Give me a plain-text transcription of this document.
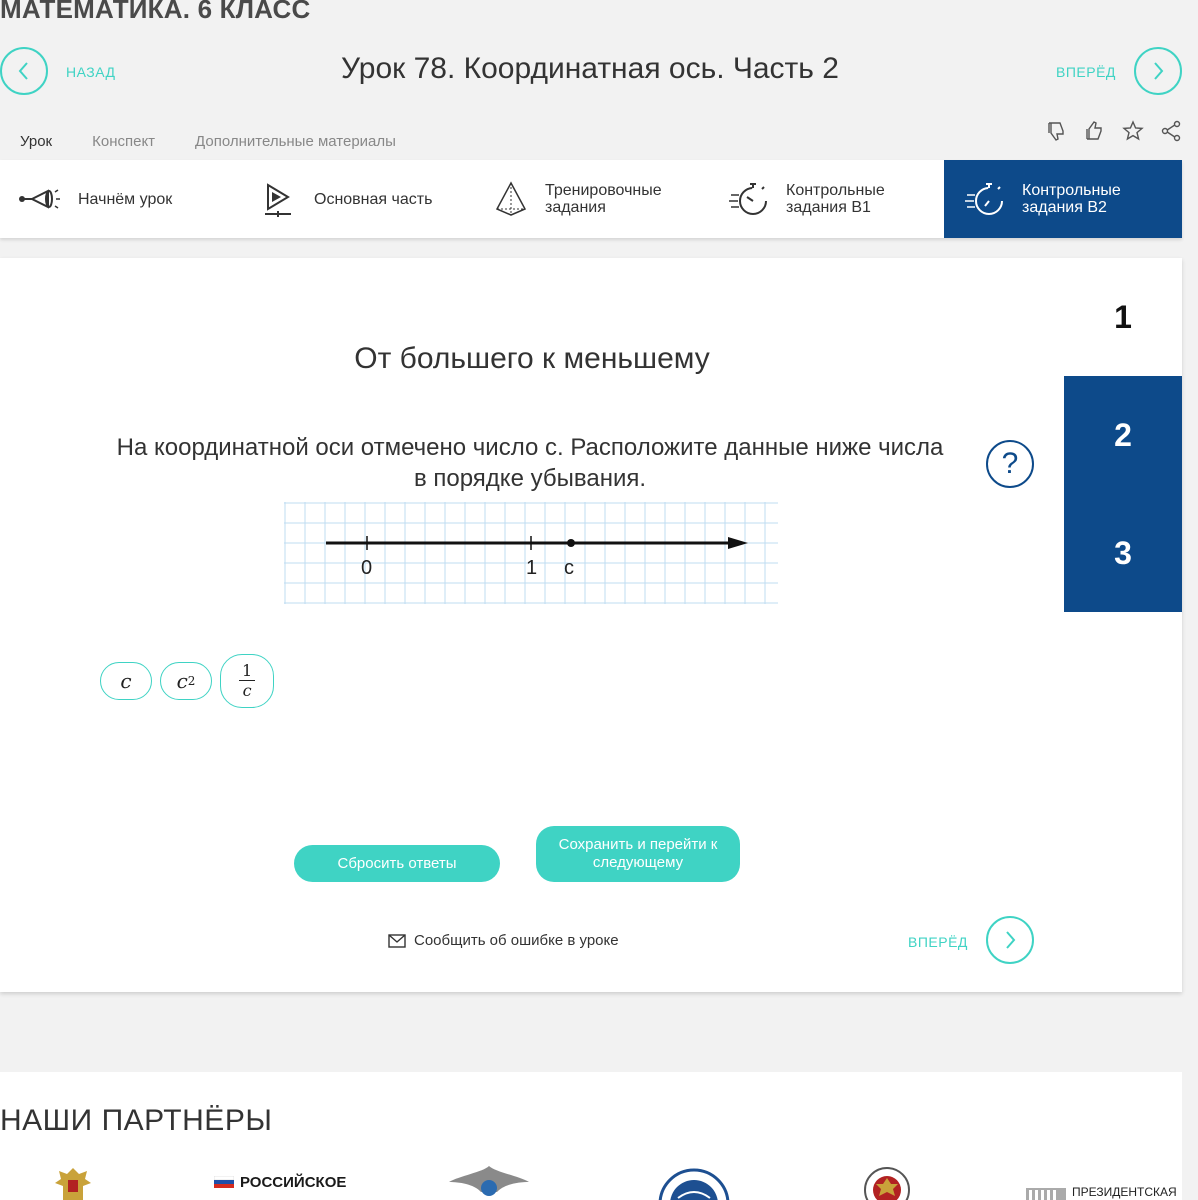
МАТЕМАТИКА. 6 КЛАСС
НАЗАД	Урок 78. Координатная ось. Часть 2	ВПЕРЁД
Урок	Конспект	Дополнительные материалы
Начнём урок	Основная часть	Тренировочные задания
Контрольные задания В1
Контрольные задания В2
От большего к меньшему
На координатной оси отмечено число с. Расположите данные ниже числа в порядке убывания.	?
1
2
3
0	1 c
c c $2 \frac{1}{c}$
Сбросить ответы
Сохранить и перейти к следующему
Сообщить об ошибке в уроке	ВПЕРЁД
НАШИ ПАРТНЁРЫ
РОССИЙСКОЕ
ПРЕЗИДЕНТСКАЯ
